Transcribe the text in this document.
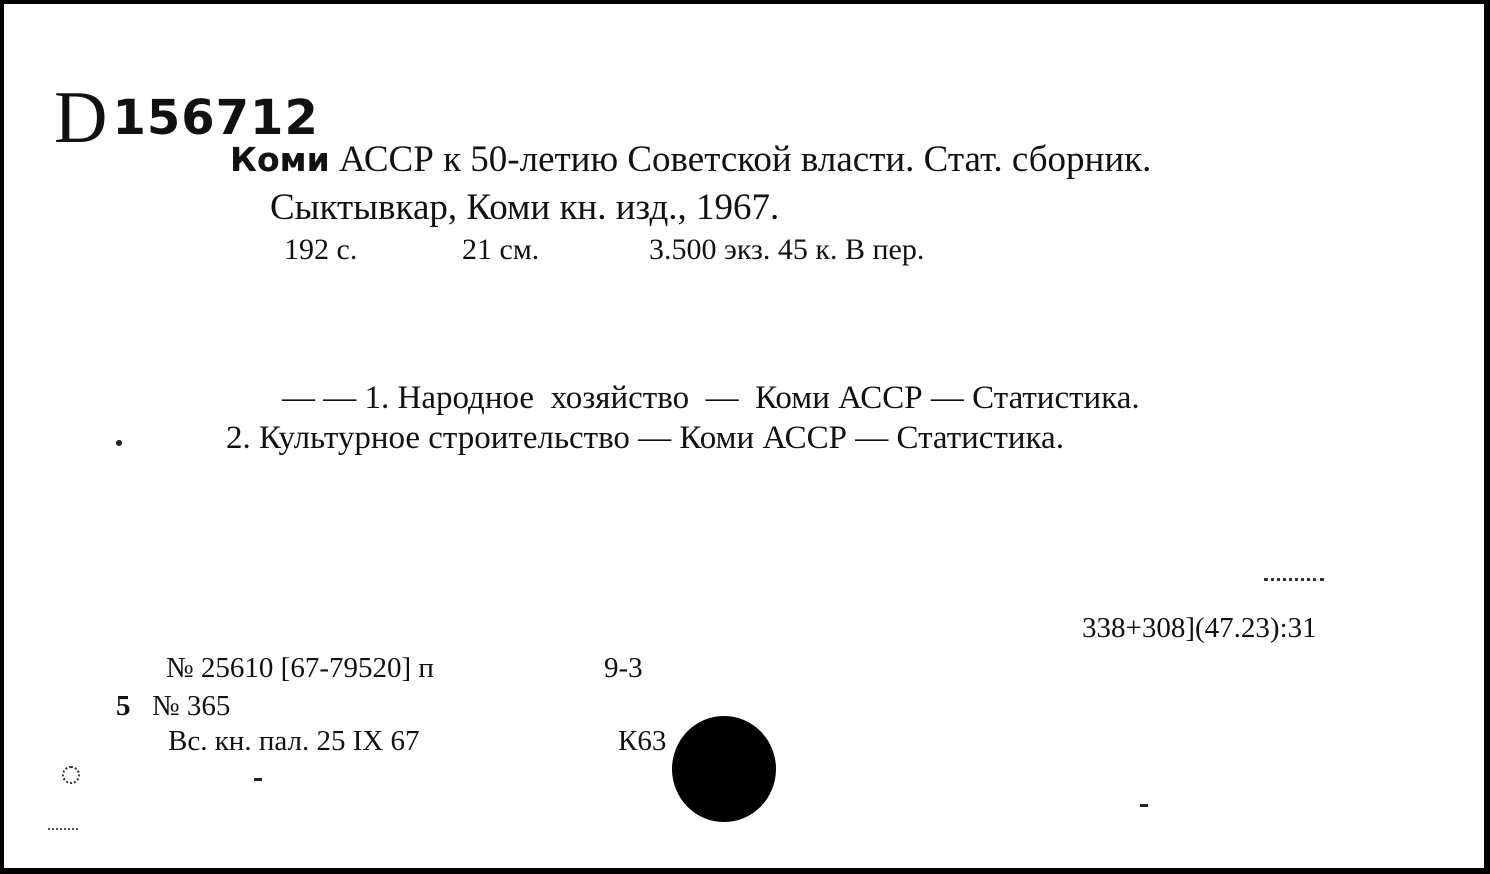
D156712
Коми АССР к 50-летию Советской власти. Стат. сборник.
Сыктывкар, Коми кн. изд., 1967.
192 с.	21 см.	3.500 экз. 45 к. В пер.
— — 1. Народное  хозяйство  —  Коми АССР — Статистика.
2. Культурное строительство — Коми АССР — Статистика.
338+308](47.23):31
№ 25610 [67-79520] п	9-3
5 № 365
Вс. кн. пал. 25 IX 67	К63
